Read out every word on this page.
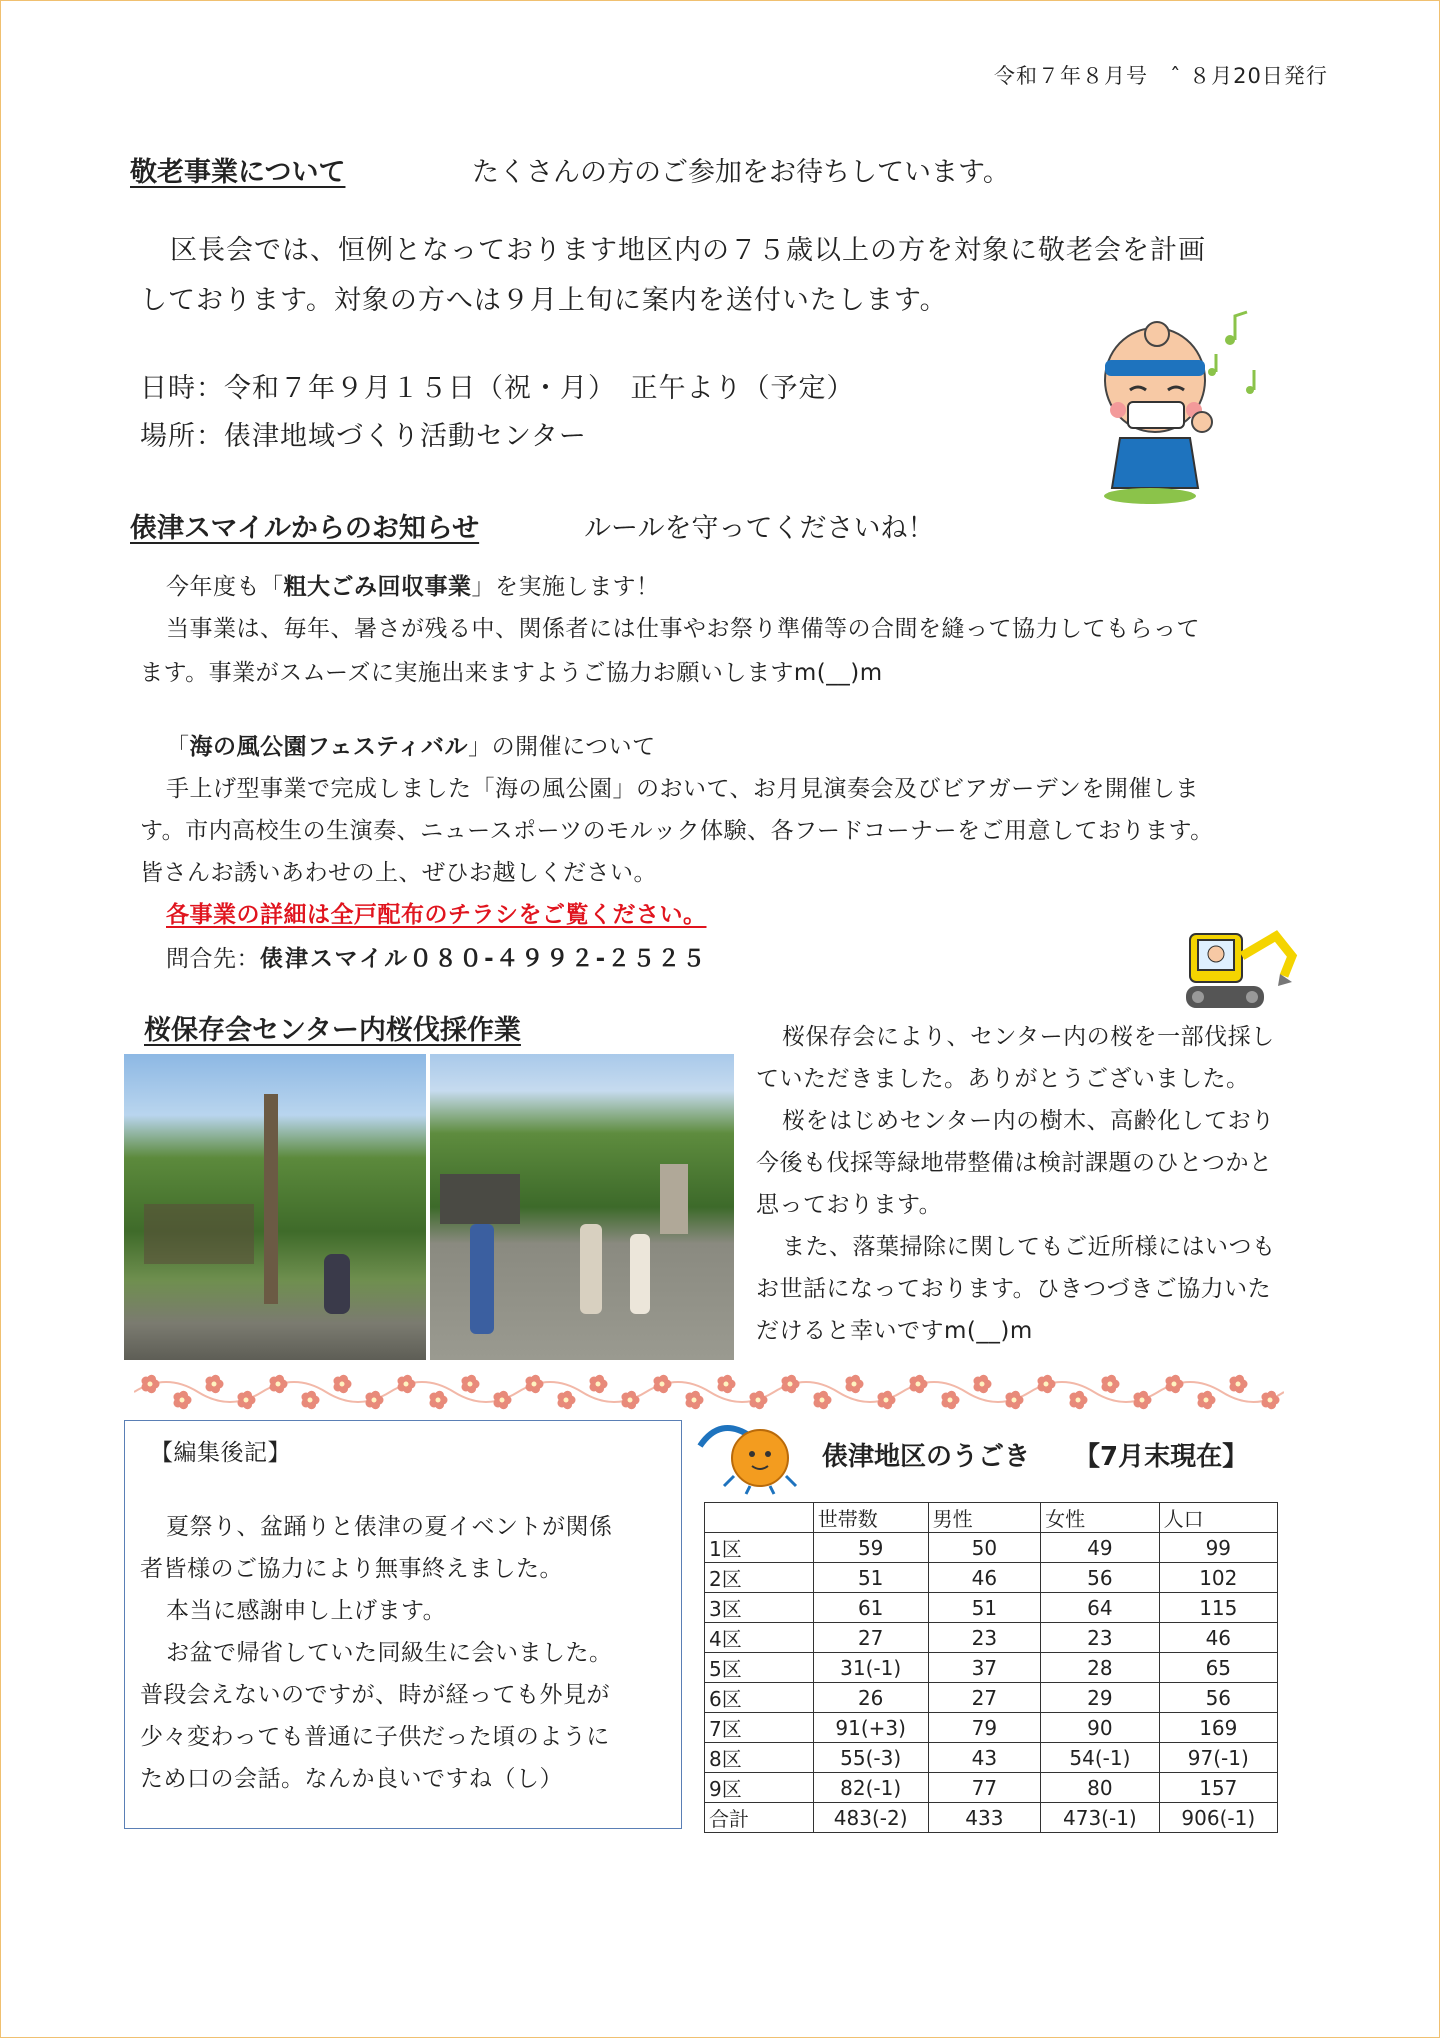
令和７年８月号　ˆ ８月20日発行
敬老事業について	たくさんの方のご参加をお待ちしています。
区長会では、恒例となっております地区内の７５歳以上の方を対象に敬老会を計画
しております。対象の方へは９月上旬に案内を送付いたします。
日時：令和７年９月１５日（祝・月）　正午より（予定）
場所：俵津地域づくり活動センター
俵津スマイルからのお知らせ	ルールを守ってくださいね！
今年度も「粗大ごみ回収事業」を実施します！
当事業は、毎年、暑さが残る中、関係者には仕事やお祭り準備等の合間を縫って協力してもらって
ます。事業がスムーズに実施出来ますようご協力お願いしますm(__)m
「海の風公園フェスティバル」の開催について
手上げ型事業で完成しました「海の風公園」のおいて、お月見演奏会及びビアガーデンを開催しま
す。市内高校生の生演奏、ニュースポーツのモルック体験、各フードコーナーをご用意しております。
皆さんお誘いあわせの上、ぜひお越しください。
各事業の詳細は全戸配布のチラシをご覧ください。
問合先：俵津スマイル０８０-４９９２-２５２５
桜保存会センター内桜伐採作業	桜保存会により、センター内の桜を一部伐採し
ていただきました。ありがとうございました。
桜をはじめセンター内の樹木、高齢化しており
今後も伐採等緑地帯整備は検討課題のひとつかと
思っております。
また、落葉掃除に関してもご近所様にはいつも
お世話になっております。ひきつづきご協力いた
だけると幸いですm(__)m
【編集後記】
夏祭り、盆踊りと俵津の夏イベントが関係
者皆様のご協力により無事終えました。
本当に感謝申し上げます。
お盆で帰省していた同級生に会いました。
普段会えないのですが、時が経っても外見が
少々変わっても普通に子供だった頃のように
ため口の会話。なんか良いですね（し）
俵津地区のうごき 【7月末現在】
	世帯数	男性	女性	人口
1区	59	50	49	99
2区	51	46	56	102
3区	61	51	64	115
4区	27	23	23	46
5区	31(-1)	37	28	65
6区	26	27	29	56
7区	91(+3)	79	90	169
8区	55(-3)	43	54(-1)	97(-1)
9区	82(-1)	77	80	157
合計	483(-2)	433	473(-1)	906(-1)
